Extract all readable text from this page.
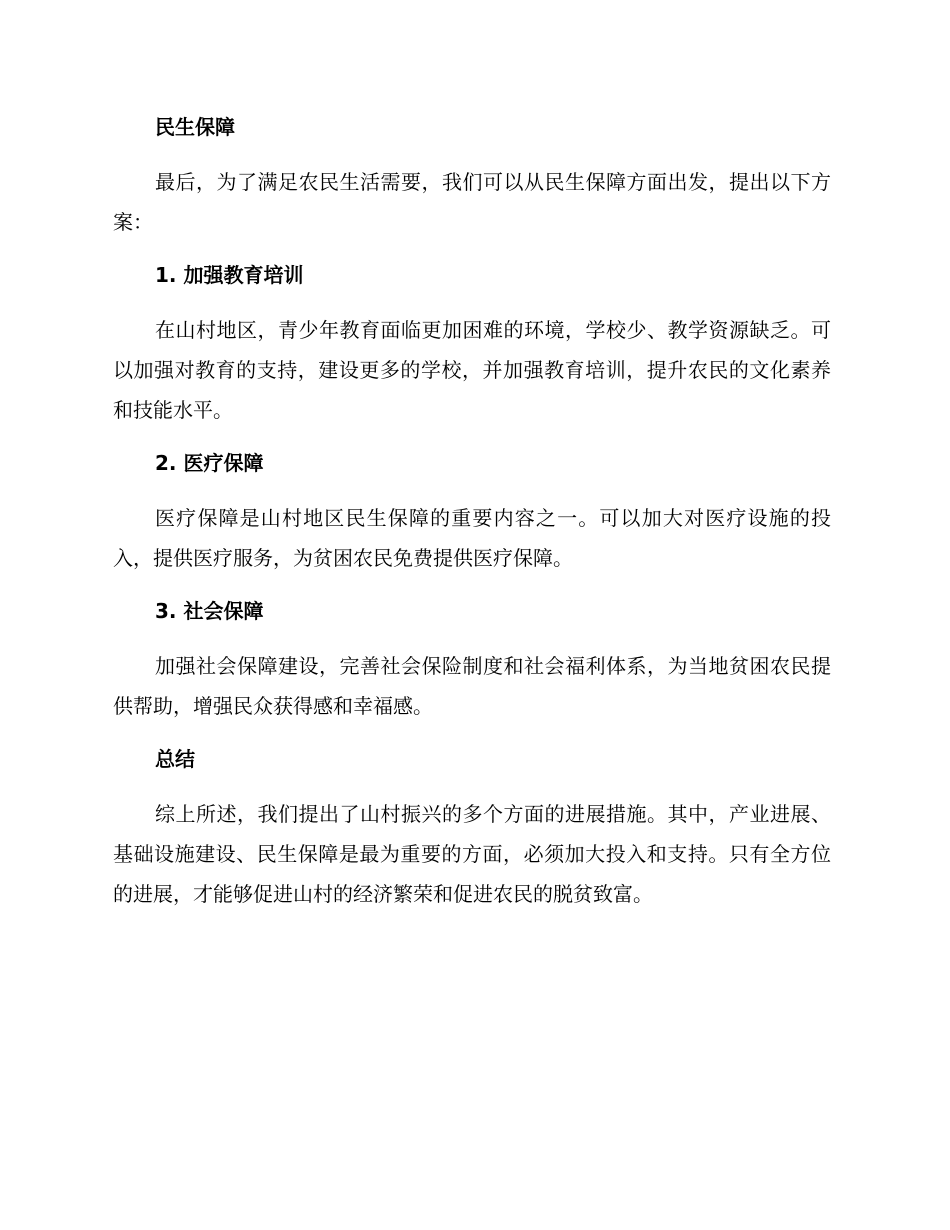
民生保障

最后，为了满足农民生活需要，我们可以从民生保障方面出发，提出以下方案：

1. 加强教育培训

在山村地区，青少年教育面临更加困难的环境，学校少、教学资源缺乏。可以加强对教育的支持，建设更多的学校，并加强教育培训，提升农民的文化素养和技能水平。

2. 医疗保障

医疗保障是山村地区民生保障的重要内容之一。可以加大对医疗设施的投入，提供医疗服务，为贫困农民免费提供医疗保障。

3. 社会保障

加强社会保障建设，完善社会保险制度和社会福利体系，为当地贫困农民提供帮助，增强民众获得感和幸福感。

总结

综上所述，我们提出了山村振兴的多个方面的进展措施。其中，产业进展、基础设施建设、民生保障是最为重要的方面，必须加大投入和支持。只有全方位的进展，才能够促进山村的经济繁荣和促进农民的脱贫致富。
